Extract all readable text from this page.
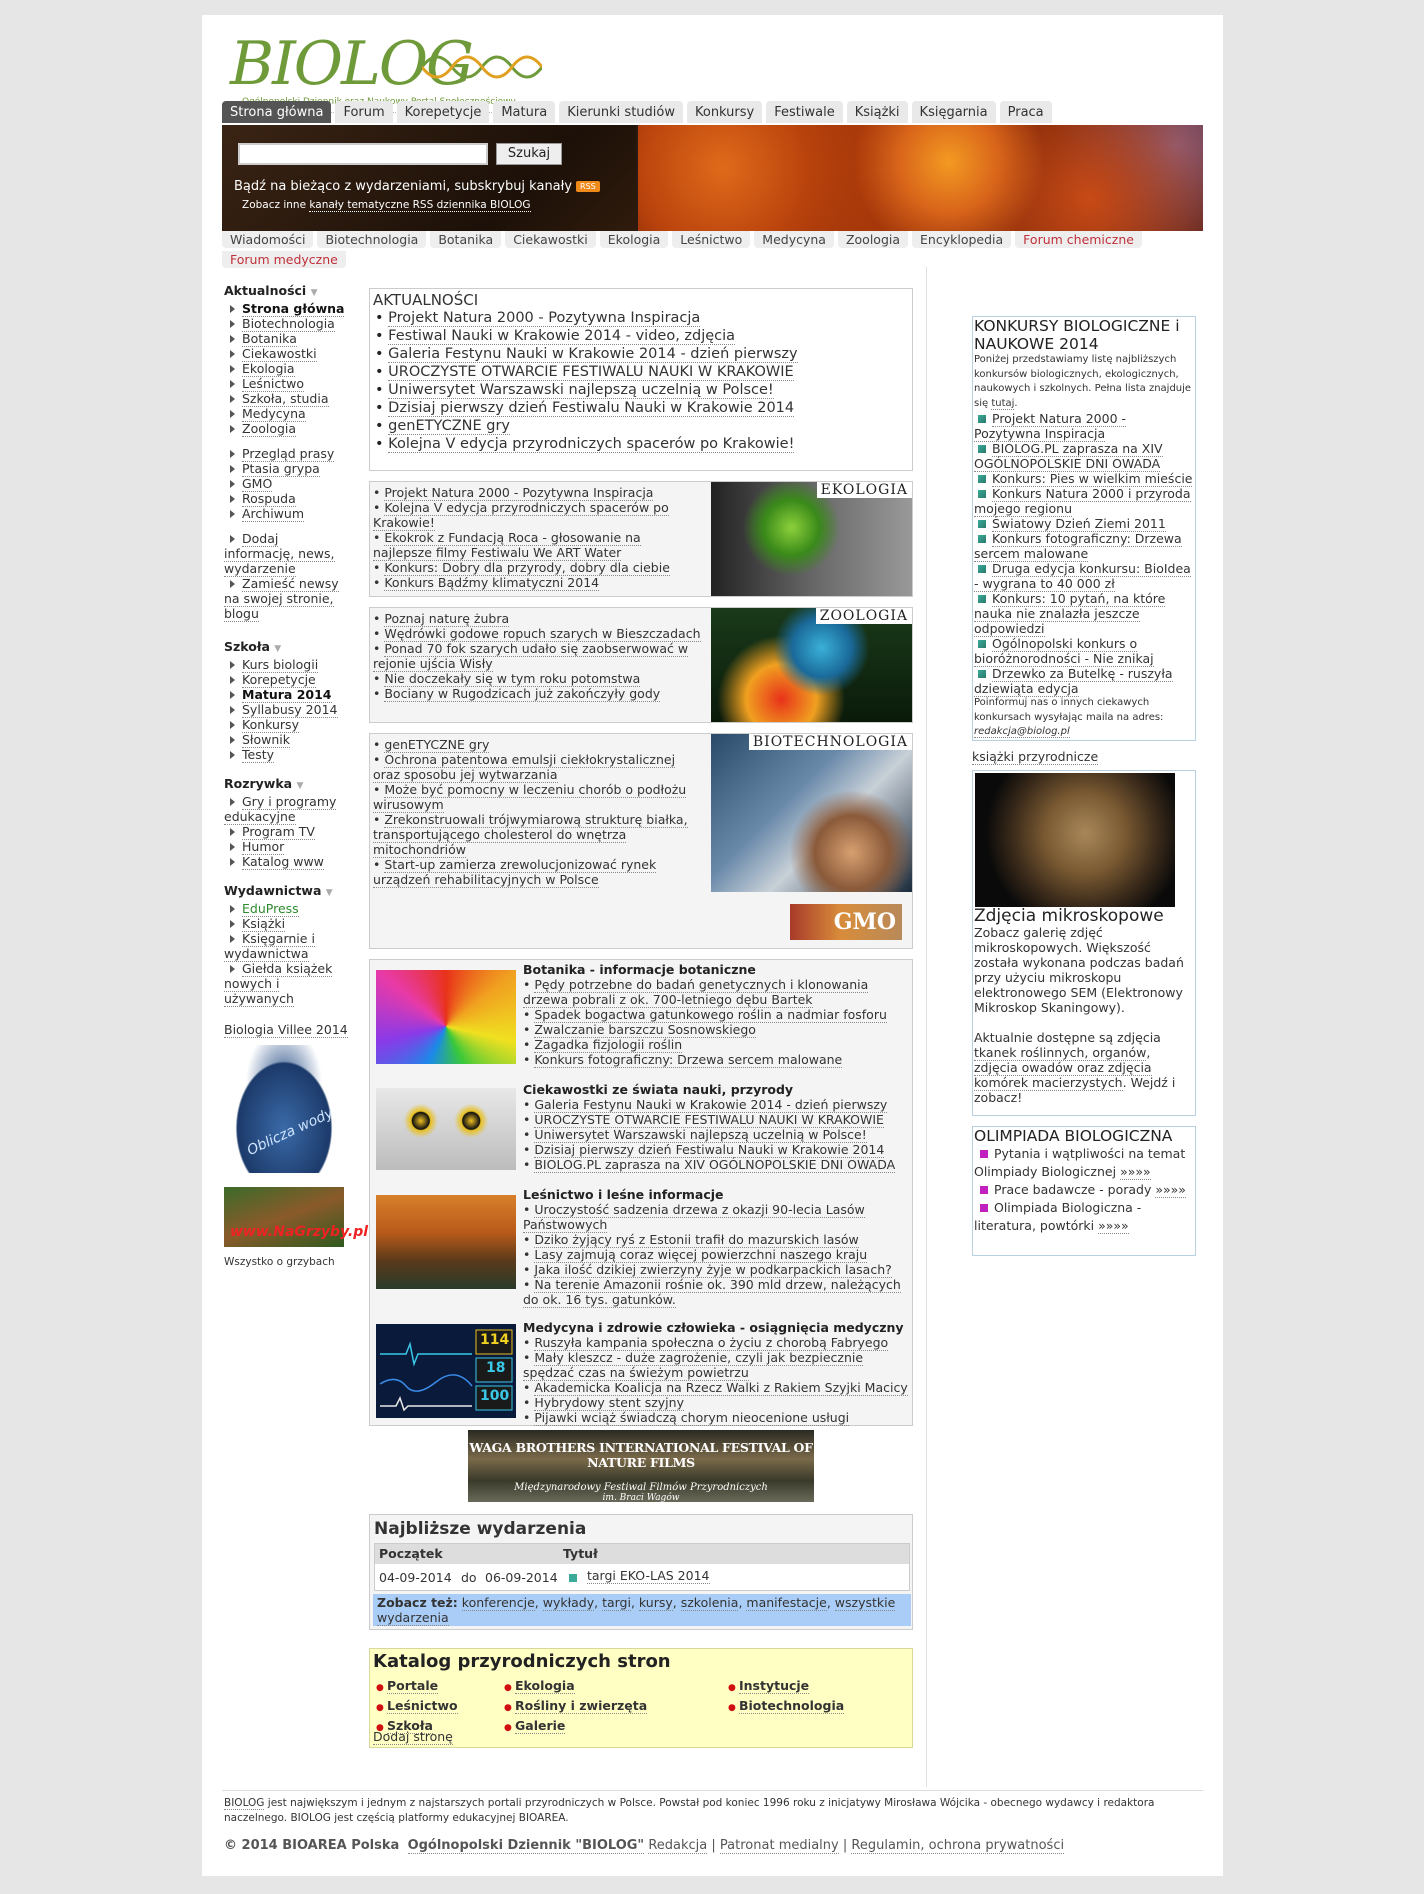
BIOLOG
Strona główna	Forum	Korepetycje	Matura	Kierunki studiów	Konkursy	Festiwale	Książki	Księgarnia	Praca
Szukaj
Bądź na bieżąco z wydarzeniami, subskrybuj kanały RSS
Zobacz inne kanały tematyczne RSS dziennika BIOLOG
Wiadomości	Biotechnologia	Botanika	Ciekawostki	Ekologia	Leśnictwo	Medycyna	Zoologia	Encyklopedia	Forum chemiczne
Forum medyczne
Aktualności ▼
Strona główna
Biotechnologia
Botanika
Ciekawostki
Ekologia
Leśnictwo
Szkoła, studia
Medycyna
Zoologia
Przegląd prasy
Ptasia grypa
GMO
Rospuda
Archiwum
Dodaj informację, news, wydarzenie
Zamieść newsy na swojej stronie, blogu
Szkoła ▼
Kurs biologii
Korepetycje
Matura 2014
Syllabusy 2014
Konkursy
Słownik
Testy
Rozrywka ▼
Gry i programy edukacyjne
Program TV
Humor
Katalog www
Wydawnictwa ▼
EduPress
Książki
Księgarnie i wydawnictwa
Giełda książek nowych i używanych
Biologia Villee 2014
Oblicza wody
www.NaGrzyby.pl
Wszystko o grzybach
AKTUALNOŚCI
• Projekt Natura 2000 - Pozytywna Inspiracja
• Festiwal Nauki w Krakowie 2014 - video, zdjęcia
• Galeria Festynu Nauki w Krakowie 2014 - dzień pierwszy
• UROCZYSTE OTWARCIE FESTIWALU NAUKI W KRAKOWIE
• Uniwersytet Warszawski najlepszą uczelnią w Polsce!
• Dzisiaj pierwszy dzień Festiwalu Nauki w Krakowie 2014
• genETYCZNE gry
• Kolejna V edycja przyrodniczych spacerów po Krakowie!
• Projekt Natura 2000 - Pozytywna Inspiracja
• Kolejna V edycja przyrodniczych spacerów po Krakowie!
• Ekokrok z Fundacją Roca - głosowanie na najlepsze filmy Festiwalu We ART Water
• Konkurs: Dobry dla przyrody, dobry dla ciebie
• Konkurs Bądźmy klimatyczni 2014
EKOLOGIA
• Poznaj naturę żubra
• Wędrówki godowe ropuch szarych w Bieszczadach
• Ponad 70 fok szarych udało się zaobserwować w rejonie ujścia Wisły
• Nie doczekały się w tym roku potomstwa
• Bociany w Rugodzicach już zakończyły gody
ZOOLOGIA
• genETYCZNE gry
• Ochrona patentowa emulsji ciekłokrystalicznej oraz sposobu jej wytwarzania
• Może być pomocny w leczeniu chorób o podłożu wirusowym
• Zrekonstruowali trójwymiarową strukturę białka, transportującego cholesterol do wnętrza mitochondriów
• Start-up zamierza zrewolucjonizować rynek urządzeń rehabilitacyjnych w Polsce
BIOTECHNOLOGIA
GMO
Botanika - informacje botaniczne
• Pędy potrzebne do badań genetycznych i klonowania drzewa pobrali z ok. 700-letniego dębu Bartek
• Spadek bogactwa gatunkowego roślin a nadmiar fosforu
• Zwalczanie barszczu Sosnowskiego
• Zagadka fizjologii roślin
• Konkurs fotograficzny: Drzewa sercem malowane
Ciekawostki ze świata nauki, przyrody
• Galeria Festynu Nauki w Krakowie 2014 - dzień pierwszy
• UROCZYSTE OTWARCIE FESTIWALU NAUKI W KRAKOWIE
• Uniwersytet Warszawski najlepszą uczelnią w Polsce!
• Dzisiaj pierwszy dzień Festiwalu Nauki w Krakowie 2014
• BIOLOG.PL zaprasza na XIV OGÓLNOPOLSKIE DNI OWADA
Leśnictwo i leśne informacje
• Uroczystość sadzenia drzewa z okazji 90-lecia Lasów Państwowych
• Dziko żyjący ryś z Estonii trafił do mazurskich lasów
• Lasy zajmują coraz więcej powierzchni naszego kraju
• Jaka ilość dzikiej zwierzyny żyje w podkarpackich lasach?
• Na terenie Amazonii rośnie ok. 390 mld drzew, należących do ok. 16 tys. gatunków.
114
18
100
Medycyna i zdrowie człowieka - osiągnięcia medyczny
• Ruszyła kampania społeczna o życiu z chorobą Fabryego
• Mały kleszcz - duże zagrożenie, czyli jak bezpiecznie spędzać czas na świeżym powietrzu
• Akademicka Koalicja na Rzecz Walki z Rakiem Szyjki Macicy
• Hybrydowy stent szyjny
• Pijawki wciąż świadczą chorym nieocenione usługi
WAGA BROTHERS INTERNATIONAL FESTIVAL OF NATURE FILMS
Międzynarodowy Festiwal Filmów Przyrodniczych
im. Braci Wagów
Najbliższe wydarzenia
Początek	Tytuł
04-09-2014 do 06-09-2014 targi EKO-LAS 2014
Zobacz też: konferencje, wykłady, targi, kursy, szkolenia, manifestacje, wszystkie wydarzenia
Katalog przyrodniczych stron
● Portale
● Leśnictwo
● Szkoła
● Ekologia
● Rośliny i zwierzęta
● Galerie
● Instytucje
● Biotechnologia
Dodaj stronę
KONKURSY BIOLOGICZNE i NAUKOWE 2014
Poniżej przedstawiamy listę najbliższych konkursów biologicznych, ekologicznych, naukowych i szkolnych. Pełna lista znajduje się tutaj.
Projekt Natura 2000 - Pozytywna Inspiracja
BIOLOG.PL zaprasza na XIV OGÓLNOPOLSKIE DNI OWADA
Konkurs: Pies w wielkim mieście
Konkurs Natura 2000 i przyroda mojego regionu
Światowy Dzień Ziemi 2011
Konkurs fotograficzny: Drzewa sercem malowane
Druga edycja konkursu: BioIdea - wygrana to 40 000 zł
Konkurs: 10 pytań, na które nauka nie znalazła jeszcze odpowiedzi
Ogólnopolski konkurs o bioróżnorodności - Nie znikaj
Drzewko za Butelkę - ruszyła dziewiąta edycja
Poinformuj nas o innych ciekawych konkursach wysyłając maila na adres:
redakcja@biolog.pl
książki przyrodnicze
Zdjęcia mikroskopowe
Zobacz galerię zdjęć mikroskopowych. Większość została wykonana podczas badań przy użyciu mikroskopu elektronowego SEM (Elektronowy Mikroskop Skaningowy).

Aktualnie dostępne są zdjęcia tkanek roślinnych, organów, zdjęcia owadów oraz zdjęcia komórek macierzystych. Wejdź i zobacz!
OLIMPIADA BIOLOGICZNA
Pytania i wątpliwości na temat Olimpiady Biologicznej »»»»
Prace badawcze - porady »»»»
Olimpiada Biologiczna - literatura, powtórki »»»»
BIOLOG jest największym i jednym z najstarszych portali przyrodniczych w Polsce. Powstał pod koniec 1996 roku z inicjatywy Mirosława Wójcika - obecnego wydawcy i redaktora naczelnego. BIOLOG jest częścią platformy edukacyjnej BIOAREA.
© 2014 BIOAREA Polska Ogólnopolski Dziennik "BIOLOG" Redakcja | Patronat medialny | Regulamin, ochrona prywatności
